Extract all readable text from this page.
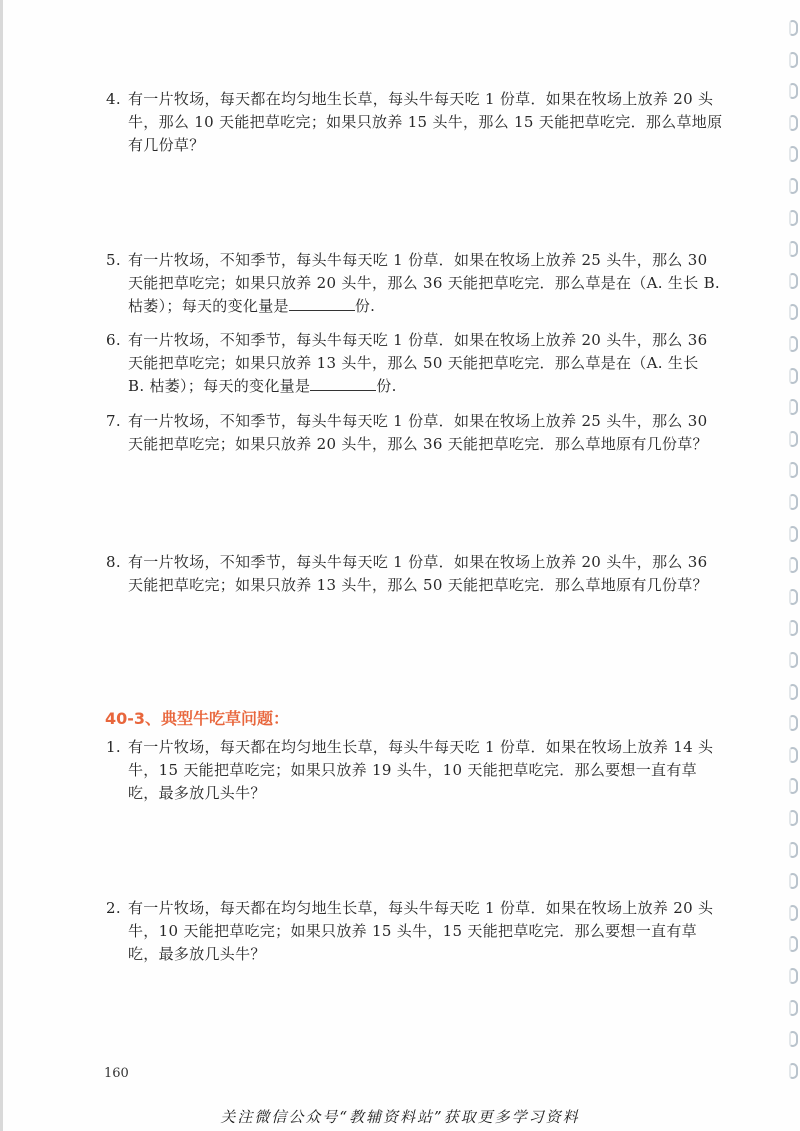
4. 有一片牧场，每天都在均匀地生长草，每头牛每天吃 1 份草．如果在牧场上放养 20 头牛，那么 10 天能把草吃完；如果只放养 15 头牛，那么 15 天能把草吃完．那么草地原有几份草？
5. 有一片牧场，不知季节，每头牛每天吃 1 份草．如果在牧场上放养 25 头牛，那么 30 天能把草吃完；如果只放养 20 头牛，那么 36 天能把草吃完．那么草是在（A. 生长 B. 枯萎）；每天的变化量是	份.
6. 有一片牧场，不知季节，每头牛每天吃 1 份草．如果在牧场上放养 20 头牛，那么 36 天能把草吃完；如果只放养 13 头牛，那么 50 天能把草吃完．那么草是在（A. 生长　B. 枯萎）；每天的变化量是	份.
7. 有一片牧场，不知季节，每头牛每天吃 1 份草．如果在牧场上放养 25 头牛，那么 30 天能把草吃完；如果只放养 20 头牛，那么 36 天能把草吃完．那么草地原有几份草？
8. 有一片牧场，不知季节，每头牛每天吃 1 份草．如果在牧场上放养 20 头牛，那么 36 天能把草吃完；如果只放养 13 头牛，那么 50 天能把草吃完．那么草地原有几份草？
40-3、典型牛吃草问题：
1. 有一片牧场，每天都在均匀地生长草，每头牛每天吃 1 份草．如果在牧场上放养 14 头牛，15 天能把草吃完；如果只放养 19 头牛，10 天能把草吃完．那么要想一直有草吃，最多放几头牛？
2. 有一片牧场，每天都在均匀地生长草，每头牛每天吃 1 份草．如果在牧场上放养 20 头牛，10 天能把草吃完；如果只放养 15 头牛，15 天能把草吃完．那么要想一直有草吃，最多放几头牛？
160
关注微信公众号“教辅资料站”获取更多学习资料
